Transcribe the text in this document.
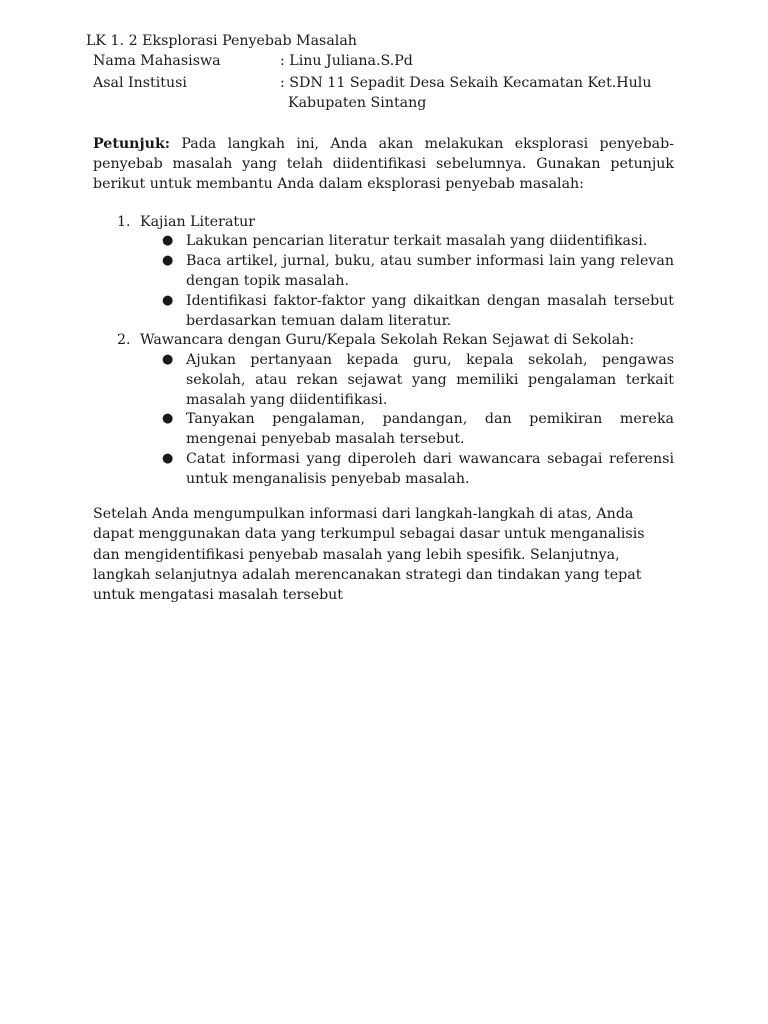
LK 1. 2 Eksplorasi Penyebab Masalah
Nama Mahasiswa	: Linu Juliana.S.Pd
Asal Institusi	: SDN 11 Sepadit Desa Sekaih Kecamatan Ket.Hulu
Kabupaten Sintang

Petunjuk: Pada langkah ini, Anda akan melakukan eksplorasi penyebab-penyebab masalah yang telah diidentifikasi sebelumnya. Gunakan petunjuk berikut untuk membantu Anda dalam eksplorasi penyebab masalah:

1. Kajian Literatur

● Lakukan pencarian literatur terkait masalah yang diidentifikasi.

● Baca artikel, jurnal, buku, atau sumber informasi lain yang relevan dengan topik masalah.

● Identifikasi faktor-faktor yang dikaitkan dengan masalah tersebut berdasarkan temuan dalam literatur.

2. Wawancara dengan Guru/Kepala Sekolah Rekan Sejawat di Sekolah:

● Ajukan pertanyaan kepada guru, kepala sekolah, pengawas sekolah, atau rekan sejawat yang memiliki pengalaman terkait masalah yang diidentifikasi.

● Tanyakan pengalaman, pandangan, dan pemikiran mereka mengenai penyebab masalah tersebut.

● Catat informasi yang diperoleh dari wawancara sebagai referensi untuk menganalisis penyebab masalah.

Setelah Anda mengumpulkan informasi dari langkah-langkah di atas, Anda dapat menggunakan data yang terkumpul sebagai dasar untuk menganalisis dan mengidentifikasi penyebab masalah yang lebih spesifik. Selanjutnya, langkah selanjutnya adalah merencanakan strategi dan tindakan yang tepat untuk mengatasi masalah tersebut
